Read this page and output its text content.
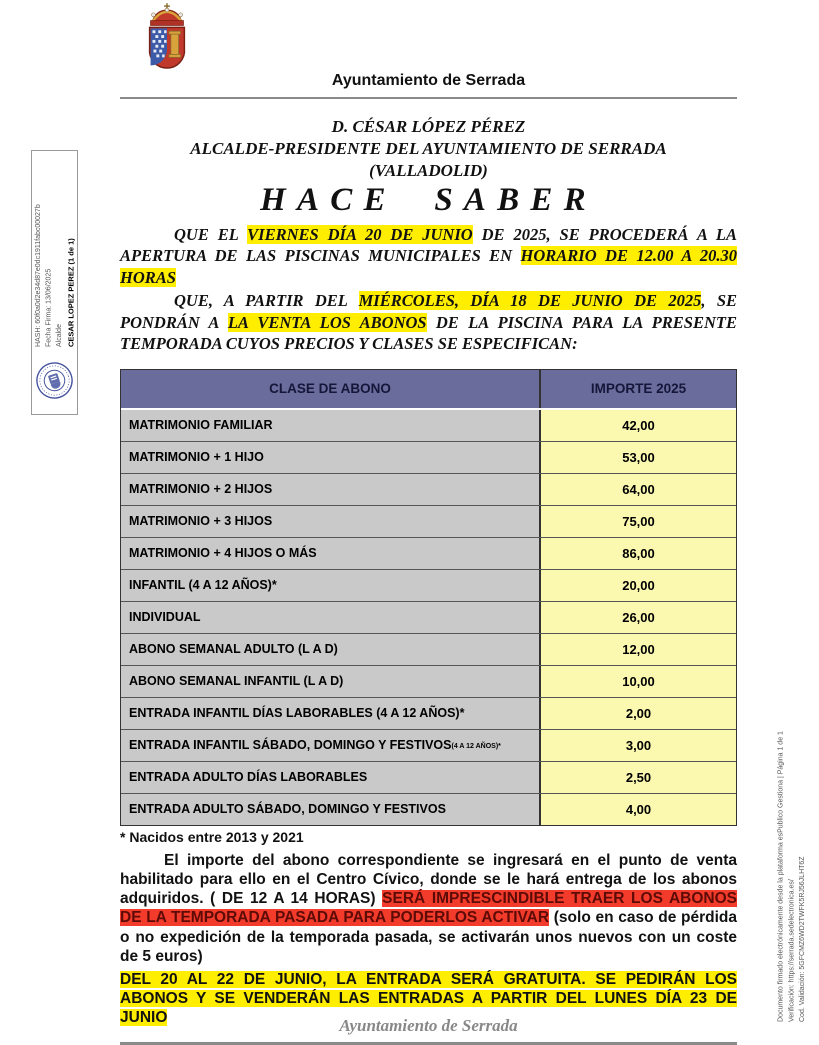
Ayuntamiento de Serrada
D. CÉSAR LÓPEZ PÉREZ
ALCALDE-PRESIDENTE DEL AYUNTAMIENTO DE SERRADA
(VALLADOLID)
HACE SABER

QUE EL VIERNES DÍA 20 DE JUNIO DE 2025, SE PROCEDERÁ A LA APERTURA DE LAS PISCINAS MUNICIPALES EN HORARIO DE 12.00 A 20.30 HORAS

QUE, A PARTIR DEL MIÉRCOLES, DÍA 18 DE JUNIO DE 2025, SE PONDRÁN A LA VENTA LOS ABONOS DE LA PISCINA PARA LA PRESENTE TEMPORADA CUYOS PRECIOS Y CLASES SE ESPECIFICAN:

CLASE DE ABONO	IMPORTE 2025
MATRIMONIO FAMILIAR	42,00
MATRIMONIO + 1 HIJO	53,00
MATRIMONIO + 2 HIJOS	64,00
MATRIMONIO + 3 HIJOS	75,00
MATRIMONIO + 4 HIJOS O MÁS	86,00
INFANTIL (4 A 12 AÑOS)*	20,00
INDIVIDUAL	26,00
ABONO SEMANAL ADULTO (L A D)	12,00
ABONO SEMANAL INFANTIL (L A D)	10,00
ENTRADA INFANTIL DÍAS LABORABLES (4 A 12 AÑOS)*	2,00
ENTRADA INFANTIL SÁBADO, DOMINGO Y FESTIVOS (4 A 12 AÑOS)*	3,00
ENTRADA ADULTO DÍAS LABORABLES	2,50
ENTRADA ADULTO SÁBADO, DOMINGO Y FESTIVOS	4,00
* Nacidos entre 2013 y 2021

El importe del abono correspondiente se ingresará en el punto de venta habilitado para ello en el Centro Cívico, donde se le hará entrega de los abonos adquiridos. ( DE 12 A 14 HORAS) SERÁ IMPRESCINDIBLE TRAER LOS ABONOS DE LA TEMPORADA PASADA PARA PODERLOS ACTIVAR (solo en caso de pérdida o no expedición de la temporada pasada, se activarán unos nuevos con un coste de 5 euros)

DEL 20 AL 22 DE JUNIO, LA ENTRADA SERÁ GRATUITA. SE PEDIRÁN LOS ABONOS Y SE VENDERÁN LAS ENTRADAS A PARTIR DEL LUNES DÍA 23 DE JUNIO	Ayuntamiento de Serrada
CESAR LOPEZ PEREZ (1 de 1)
Alcalde
Fecha Firma: 13/06/2025
HASH: 60f0a0d2e34d87e0dc1911fabc00027b
Cod. Validación: 5GFCMZ6WD2TWFK5RJ56JLHT6Z
Verificación: https://serrada.sedelectronica.es/
Documento firmado electrónicamente desde la plataforma esPublico Gestiona | Página 1 de 1
